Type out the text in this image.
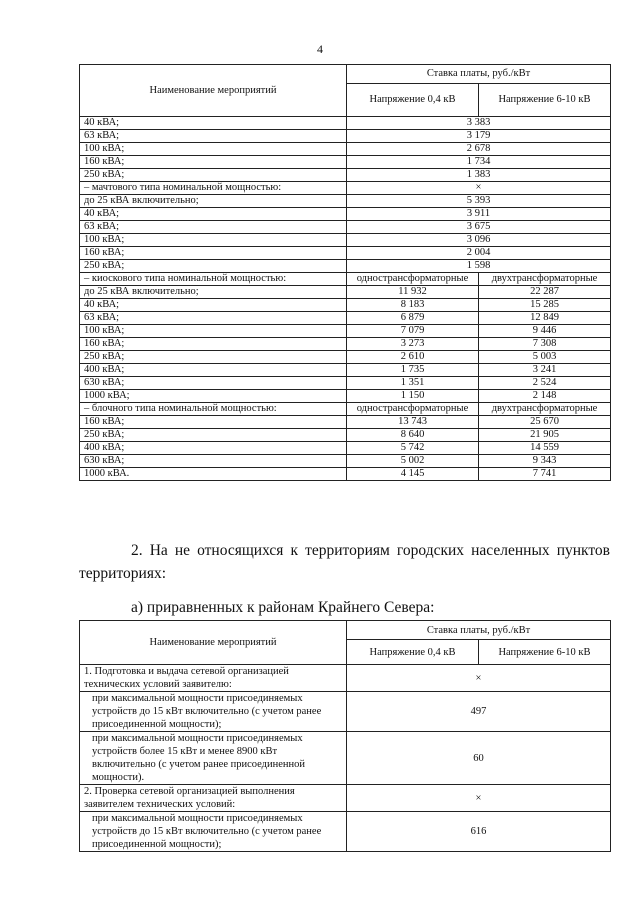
4
Наименование мероприятий	Ставка платы, руб./кВт	
	Напряжение 0,4 кВ	Напряжение 6-10 кВ
40 кВА;	3 383	
63 кВА;	3 179	
100 кВА;	2 678	
160 кВА;	1 734	
250 кВА;	1 383	
– мачтового типа номинальной мощностью:	×	
до 25 кВА включительно;	5 393	
40 кВА;	3 911	
63 кВА;	3 675	
100 кВА;	3 096	
160 кВА;	2 004	
250 кВА;	1 598	
– киоскового типа номинальной мощностью:	однострансформаторные	двухтрансформаторные
до 25 кВА включительно;	11 932	22 287
40 кВА;	8 183	15 285
63 кВА;	6 879	12 849
100 кВА;	7 079	9 446
160 кВА;	3 273	7 308
250 кВА;	2 610	5 003
400 кВА;	1 735	3 241
630 кВА;	1 351	2 524
1000 кВА;	1 150	2 148
– блочного типа номинальной мощностью:	однострансформаторные	двухтрансформаторные
160 кВА;	13 743	25 670
250 кВА;	8 640	21 905
400 кВА;	5 742	14 559
630 кВА;	5 002	9 343
1000 кВА.	4 145	7 741
2. На не относящихся к территориям городских населенных пунктов территориях:
а) приравненных к районам Крайнего Севера:
Наименование мероприятий	Ставка платы, руб./кВт	
	Напряжение 0,4 кВ	Напряжение 6-10 кВ
1. Подготовка и выдача сетевой организацией технических условий заявителю:	×	
при максимальной мощности присоединяемых устройств до 15 кВт включительно (с учетом ранее присоединенной мощности);	497	
при максимальной мощности присоединяемых устройств более 15 кВт и менее 8900 кВт включительно (с учетом ранее присоединенной мощности).	60	
2. Проверка сетевой организацией выполнения заявителем технических условий:	×	
при максимальной мощности присоединяемых устройств до 15 кВт включительно (с учетом ранее присоединенной мощности);	616	
